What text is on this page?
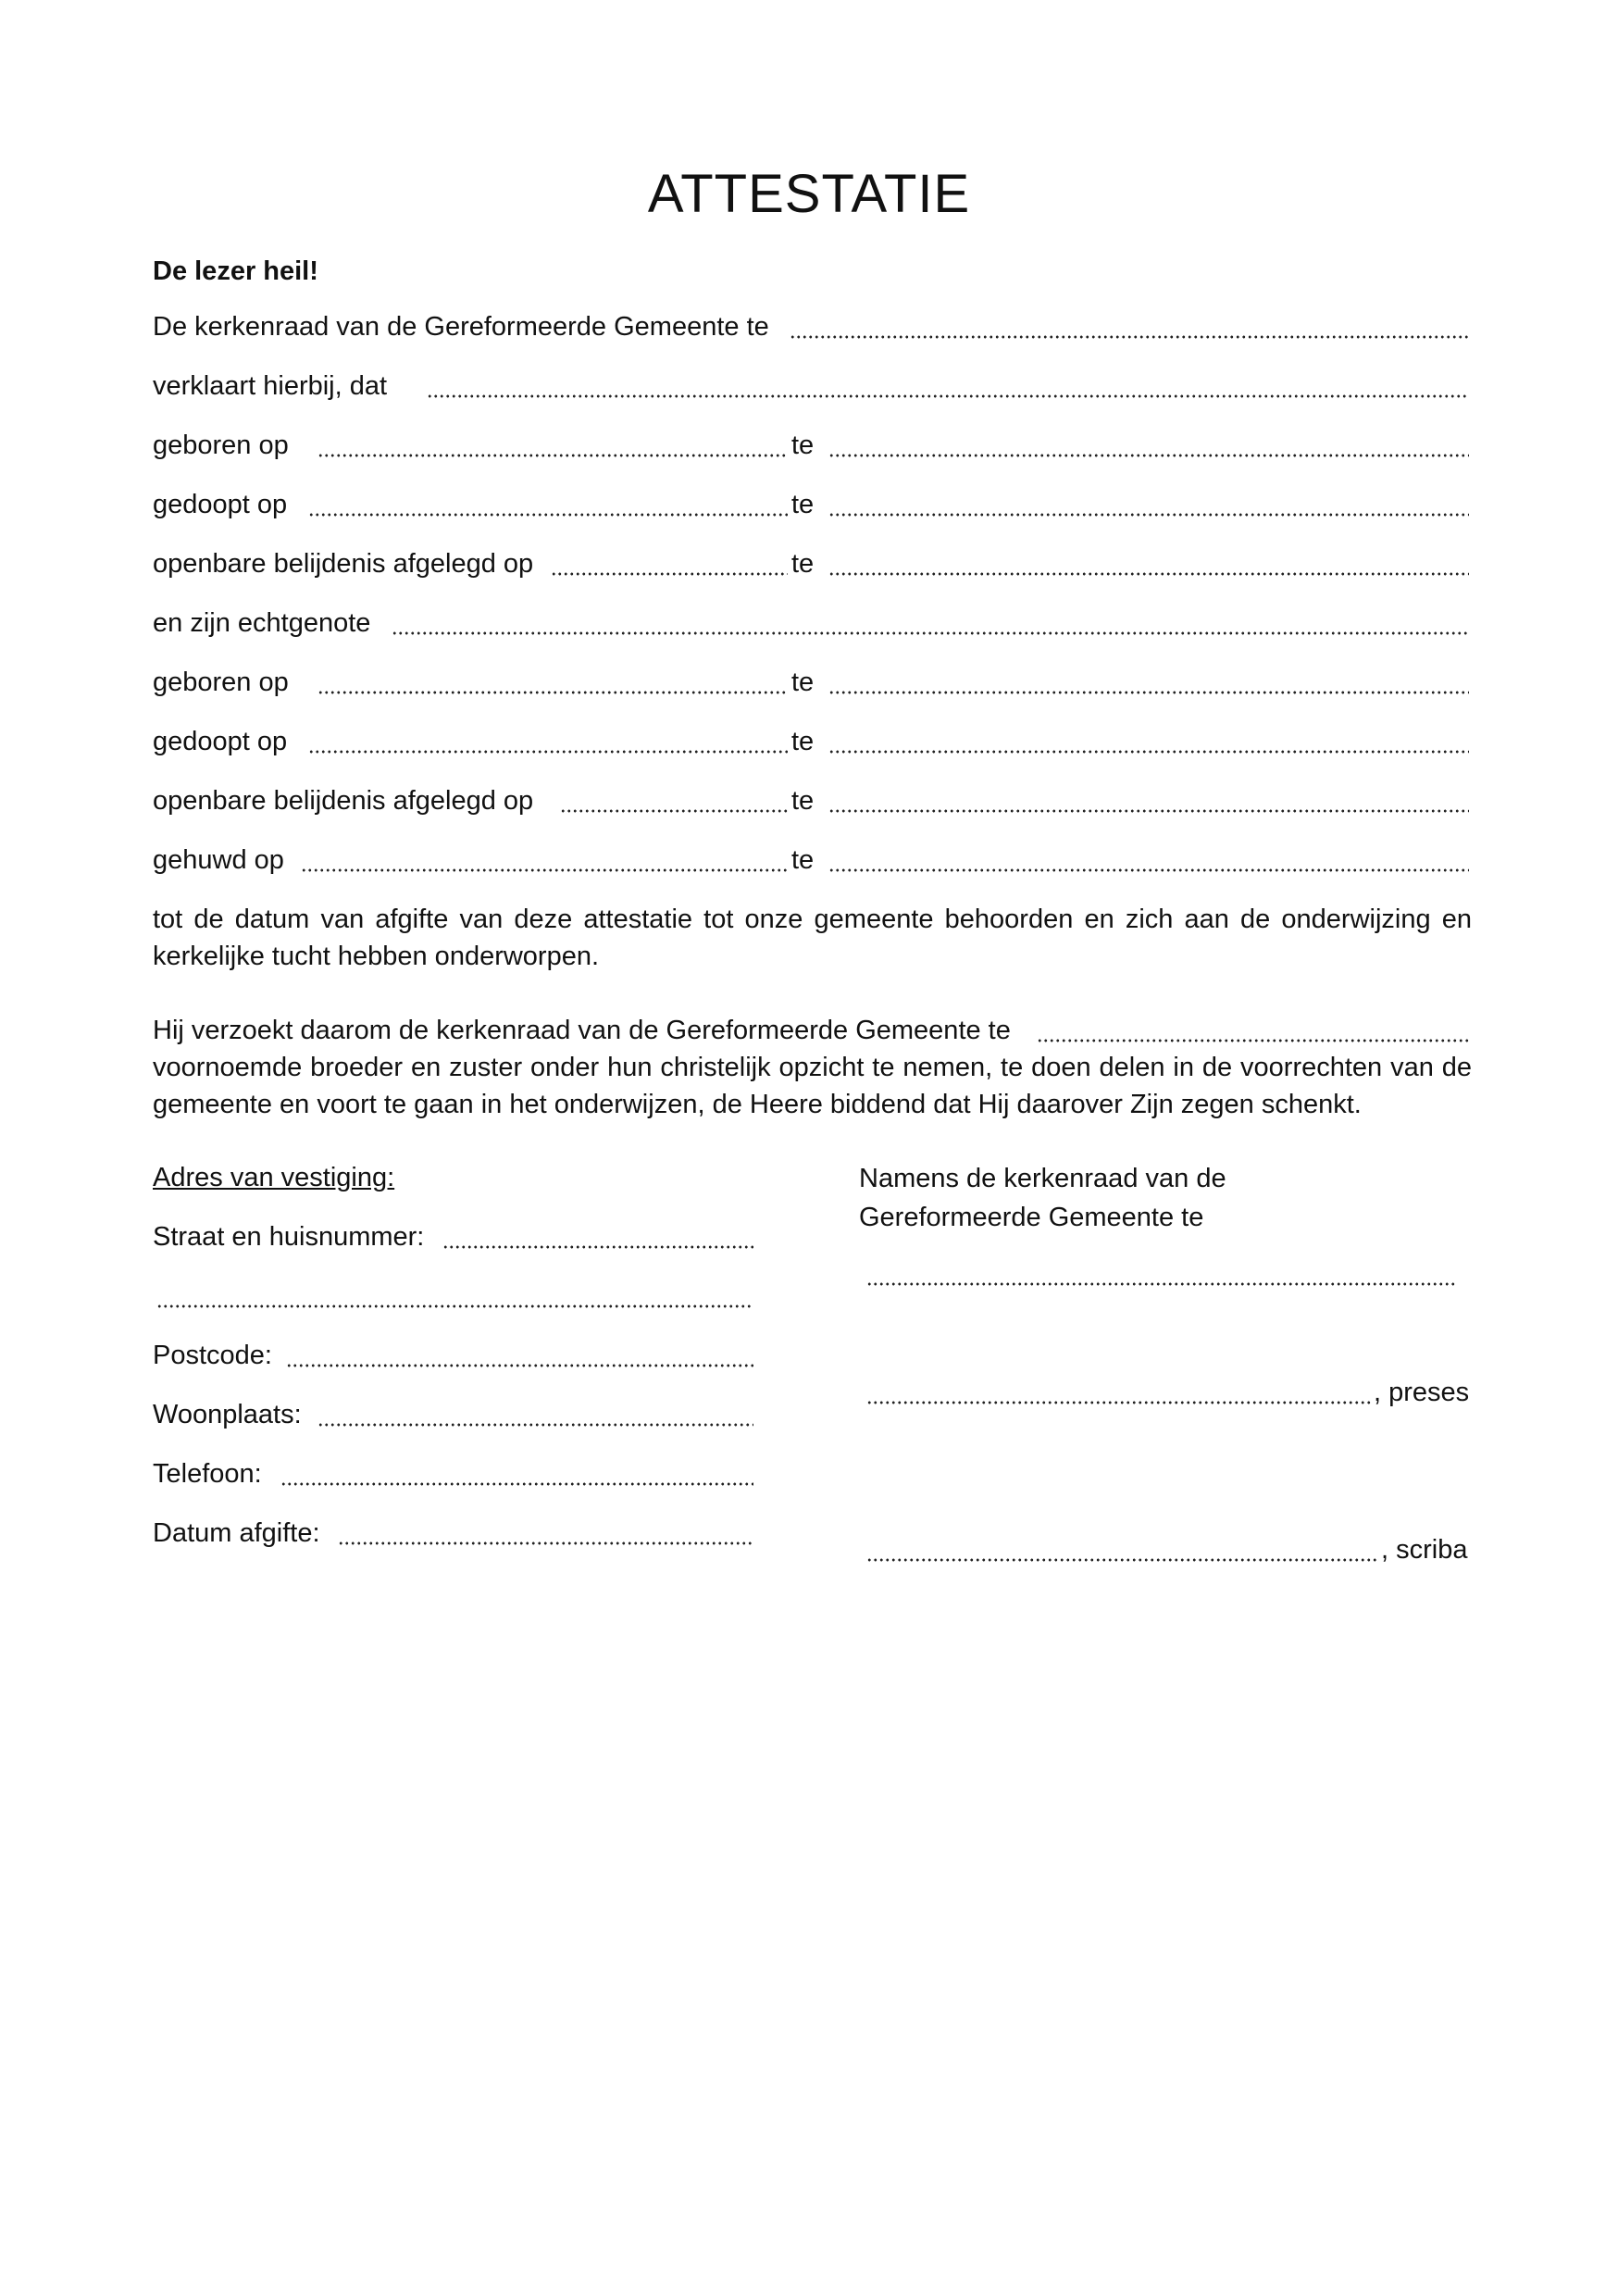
ATTESTATIE
De lezer heil!
De kerkenraad van de Gereformeerde Gemeente te
verklaart hierbij, dat
geboren op	te
gedoopt op	te
openbare belijdenis afgelegd op	te
en zijn echtgenote
geboren op	te
gedoopt op	te
openbare belijdenis afgelegd op	te
gehuwd op	te
tot de datum van afgifte van deze attestatie tot onze gemeente behoorden en zich aan de onderwijzing en kerkelijke tucht hebben onderworpen.
Hij verzoekt daarom de kerkenraad van de Gereformeerde Gemeente te
voornoemde broeder en zuster onder hun christelijk opzicht te nemen, te doen delen in de voorrechten van de gemeente en voort te gaan in het onderwijzen, de Heere biddend dat Hij daarover Zijn zegen schenkt.
Adres van vestiging:
Straat en huisnummer:
Postcode:
Woonplaats:
Telefoon:
Datum afgifte:
Namens de kerkenraad van de
Gereformeerde Gemeente te
, preses
, scriba
